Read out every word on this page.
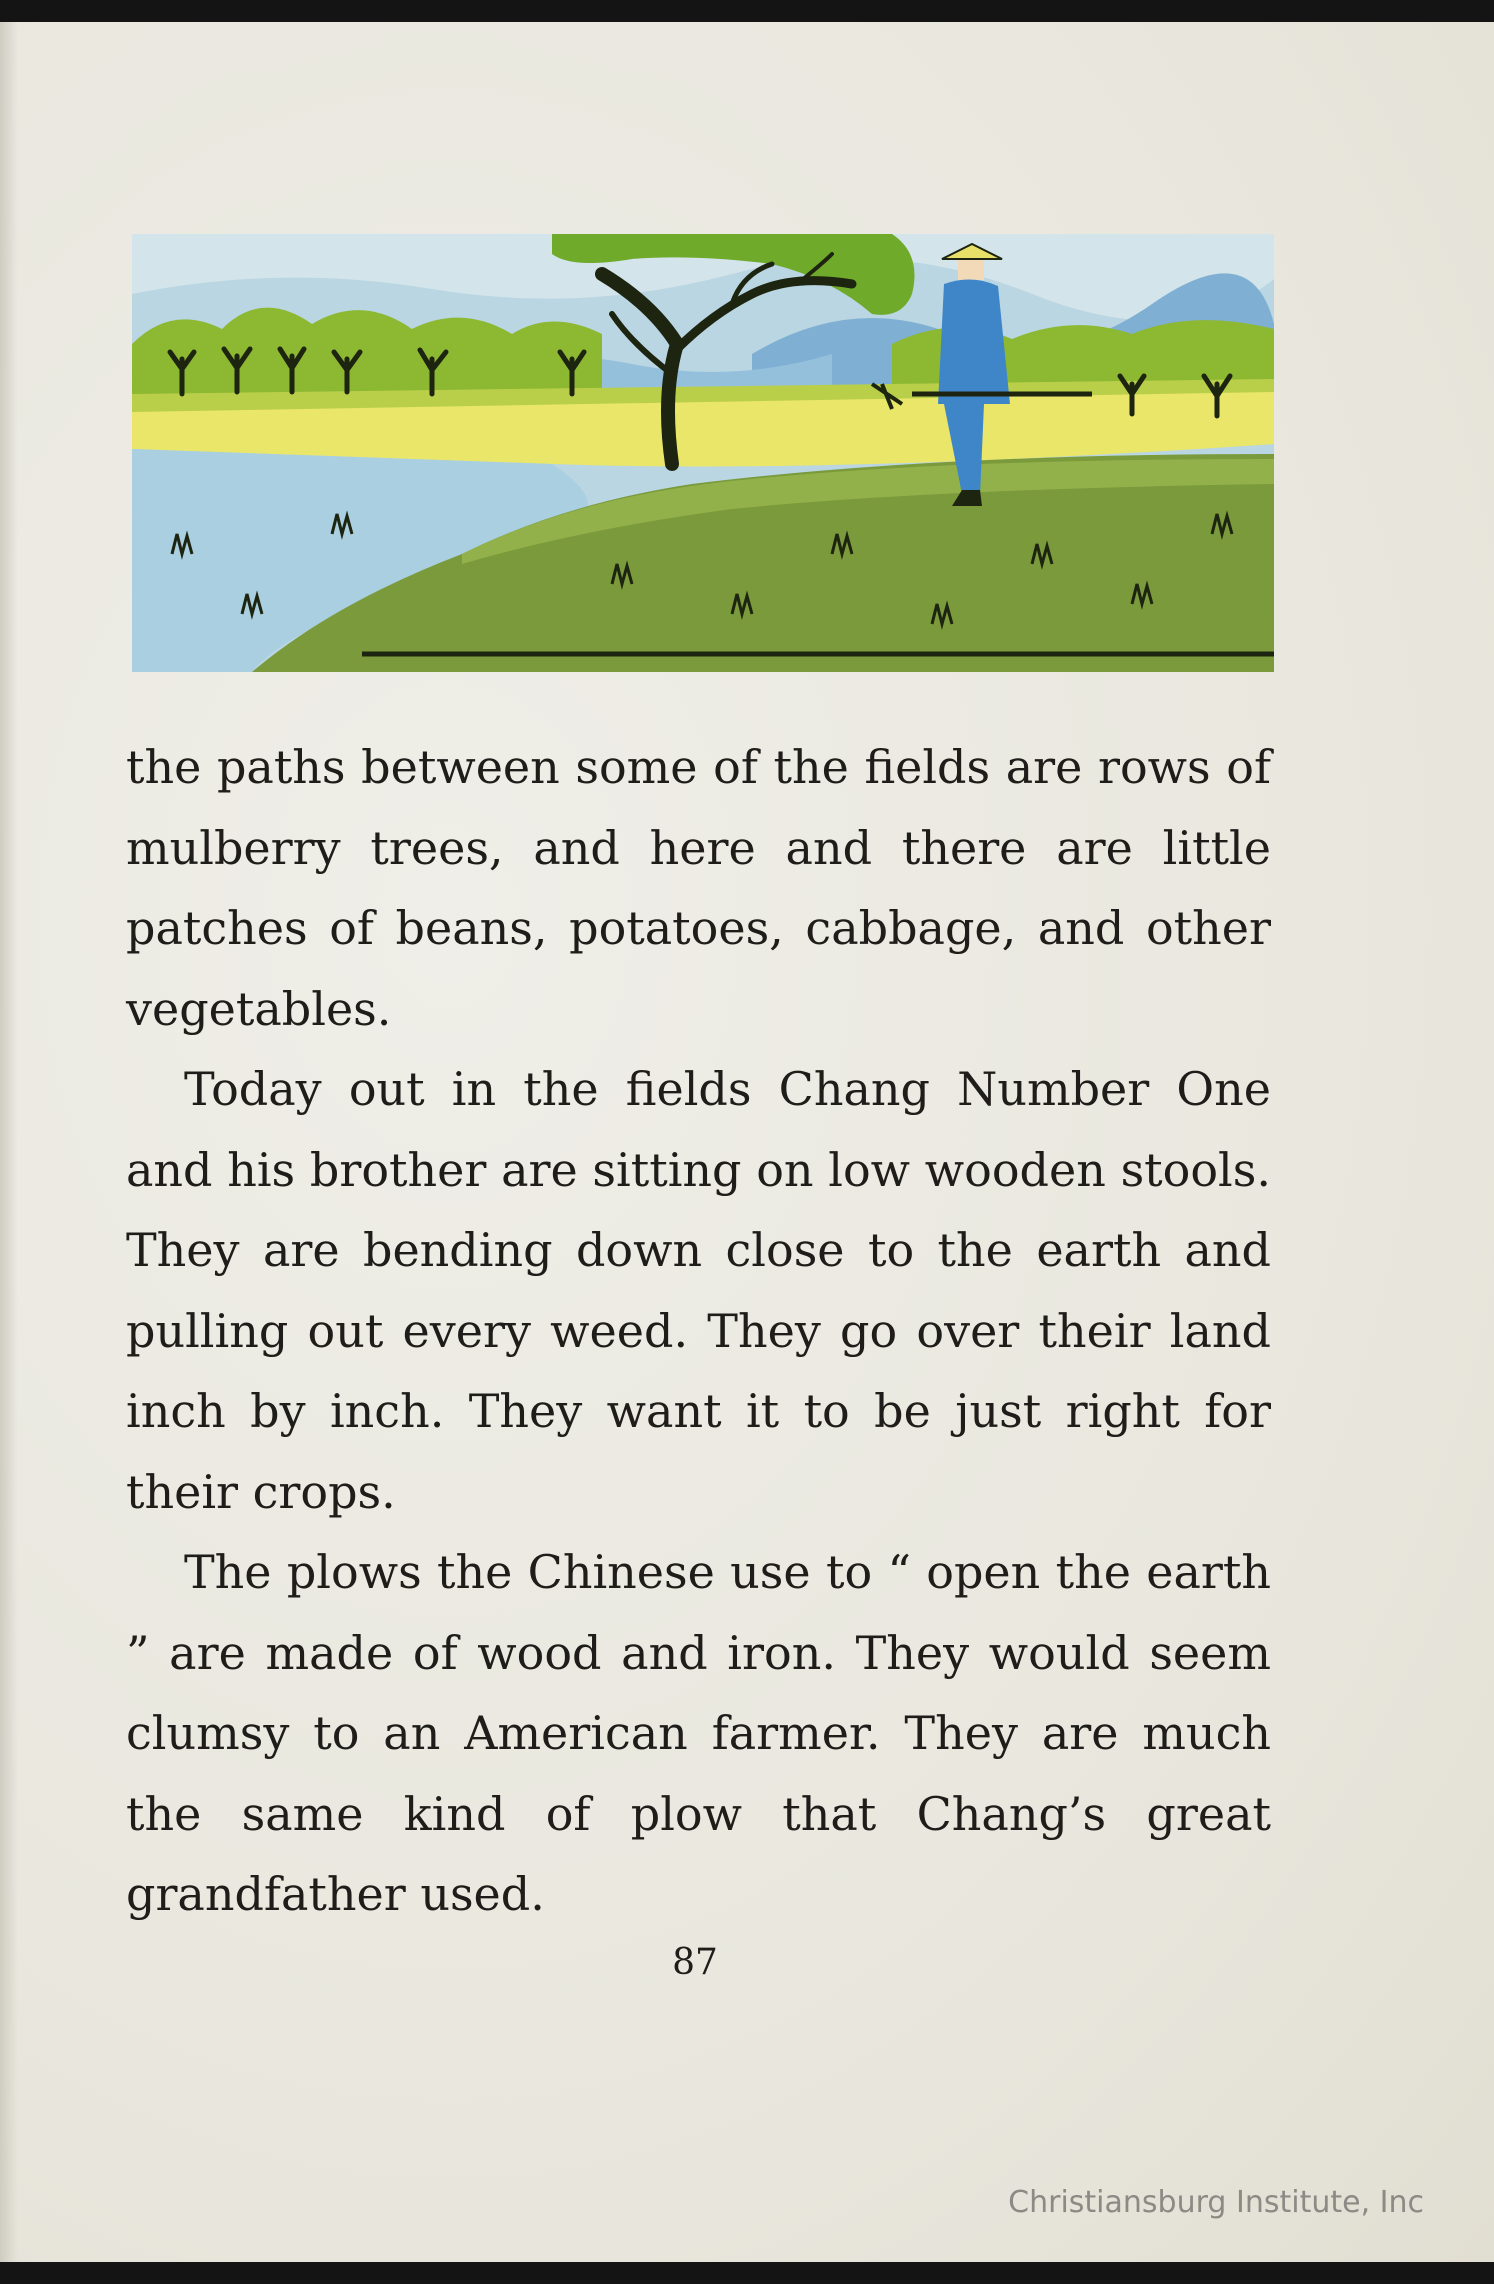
the paths between some of the fields are rows of mulberry trees, and here and there are little patches of beans, potatoes, cabbage, and other vegetables.

Today out in the fields Chang Number One and his brother are sitting on low wooden stools. They are bending down close to the earth and pulling out every weed. They go over their land inch by inch. They want it to be just right for their crops.

The plows the Chinese use to “ open the earth ” are made of wood and iron. They would seem clumsy to an American farmer. They are much the same kind of plow that Chang’s great grandfather used.

87
Christiansburg Institute, Inc
